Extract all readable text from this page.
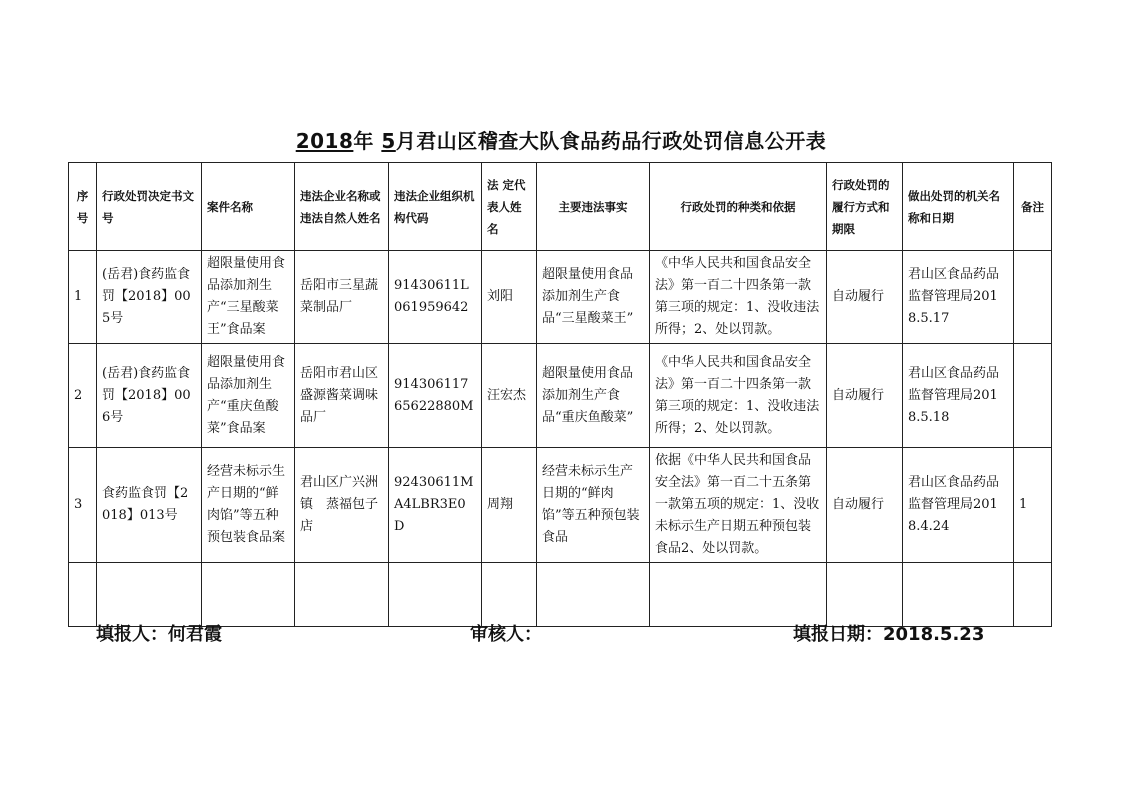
2018年 5月君山区稽查大队食品药品行政处罚信息公开表
序号	行政处罚决定书文号	案件名称	违法企业名称或违法自然人姓名	违法企业组织机构代码	法 定代表人姓 名	主要违法事实	行政处罚的种类和依据	行政处罚的履行方式和期限	做出处罚的机关名称和日期	备注
1	(岳君)食药监食罚【2018】005号	超限量使用食品添加剂生产“三星酸菜王”食品案	岳阳市三星蔬菜制品厂	91430611L061959642	刘阳	超限量使用食品添加剂生产食品“三星酸菜王”	《中华人民共和国食品安全法》第一百二十四条第一款第三项的规定：1、没收违法所得；2、处以罚款。	自动履行	君山区食品药品监督管理局2018.5.17	
2	(岳君)食药监食罚【2018】006号	超限量使用食品添加剂生产“重庆鱼酸菜”食品案	岳阳市君山区盛源酱菜调味品厂	91430611765622880M	汪宏杰	超限量使用食品添加剂生产食品“重庆鱼酸菜”	《中华人民共和国食品安全法》第一百二十四条第一款第三项的规定：1、没收违法所得；2、处以罚款。	自动履行	君山区食品药品监督管理局2018.5.18	
3	食药监食罚【2018】013号	经营未标示生产日期的“鲜肉馅”等五种预包装食品案	君山区广兴洲镇　蒸福包子店	92430611MA4LBR3E0D	周翔	经营未标示生产日期的“鲜肉馅”等五种预包装食品	依据《中华人民共和国食品安全法》第一百二十五条第一款第五项的规定：1、没收未标示生产日期五种预包装食品2、处以罚款。	自动履行	君山区食品药品监督管理局2018.4.24	1

填报人：何君霞	审核人：	填报日期：2018.5.23
